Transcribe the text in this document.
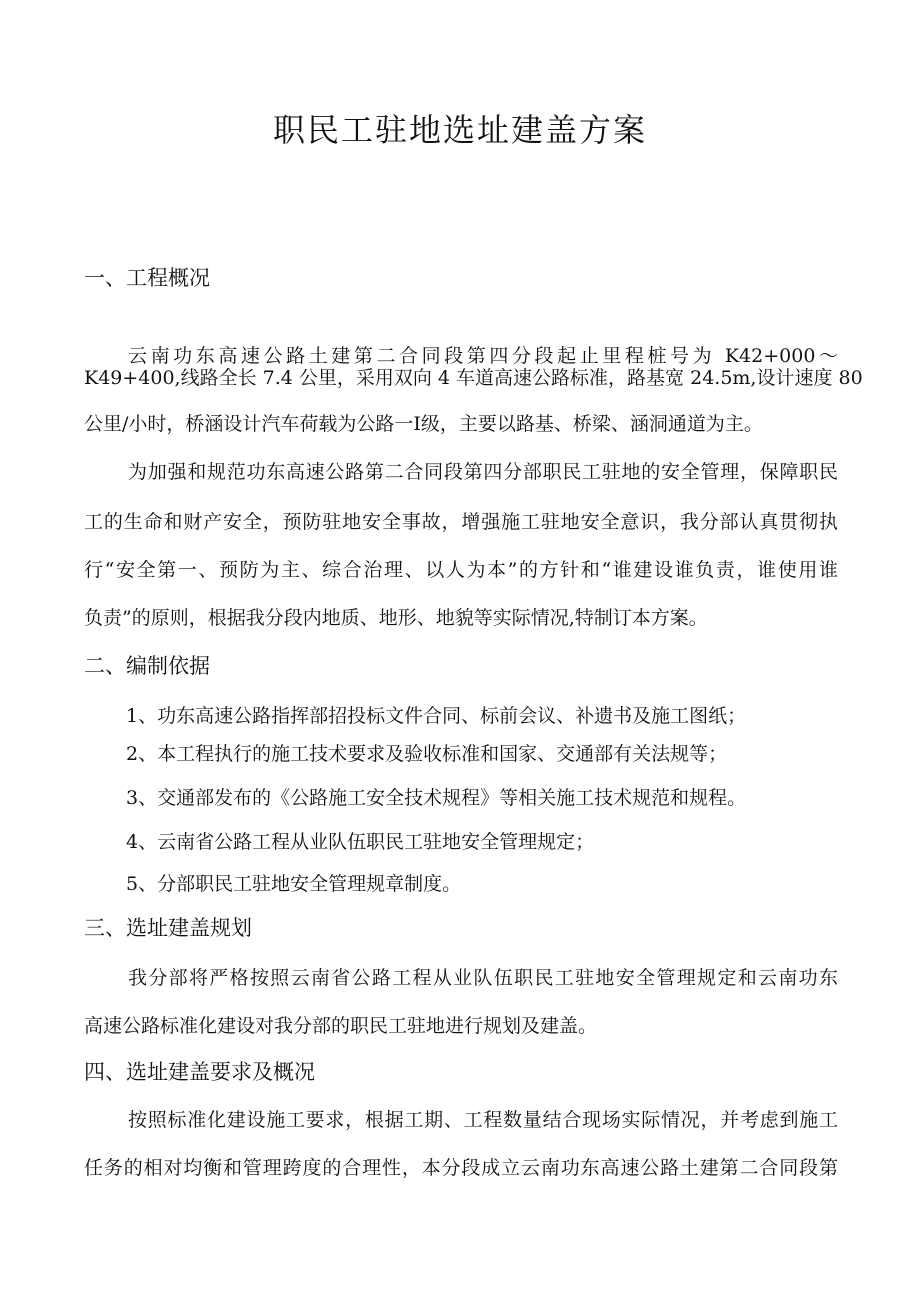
职民工驻地选址建盖方案
一、工程概况
云南功东高速公路土建第二合同段第四分段起止里程桩号为 K42+000～
K49+400,线路全长 7.4 公里，采用双向 4 车道高速公路标准，路基宽 24.5m,设计速度 80
公里/小时，桥涵设计汽车荷载为公路一Ⅰ级，主要以路基、桥梁、涵洞通道为主。
为加强和规范功东高速公路第二合同段第四分部职民工驻地的安全管理，保障职民
工的生命和财产安全，预防驻地安全事故，增强施工驻地安全意识，我分部认真贯彻执
行“安全第一、预防为主、综合治理、以人为本”的方针和“谁建设谁负责，谁使用谁
负责”的原则，根据我分段内地质、地形、地貌等实际情况,特制订本方案。
二、编制依据
1、功东高速公路指挥部招投标文件合同、标前会议、补遗书及施工图纸；
2、本工程执行的施工技术要求及验收标准和国家、交通部有关法规等；
3、交通部发布的《公路施工安全技术规程》等相关施工技术规范和规程。
4、云南省公路工程从业队伍职民工驻地安全管理规定；
5、分部职民工驻地安全管理规章制度。
三、选址建盖规划
我分部将严格按照云南省公路工程从业队伍职民工驻地安全管理规定和云南功东
高速公路标准化建设对我分部的职民工驻地进行规划及建盖。
四、选址建盖要求及概况
按照标准化建设施工要求，根据工期、工程数量结合现场实际情况，并考虑到施工
任务的相对均衡和管理跨度的合理性，本分段成立云南功东高速公路土建第二合同段第
